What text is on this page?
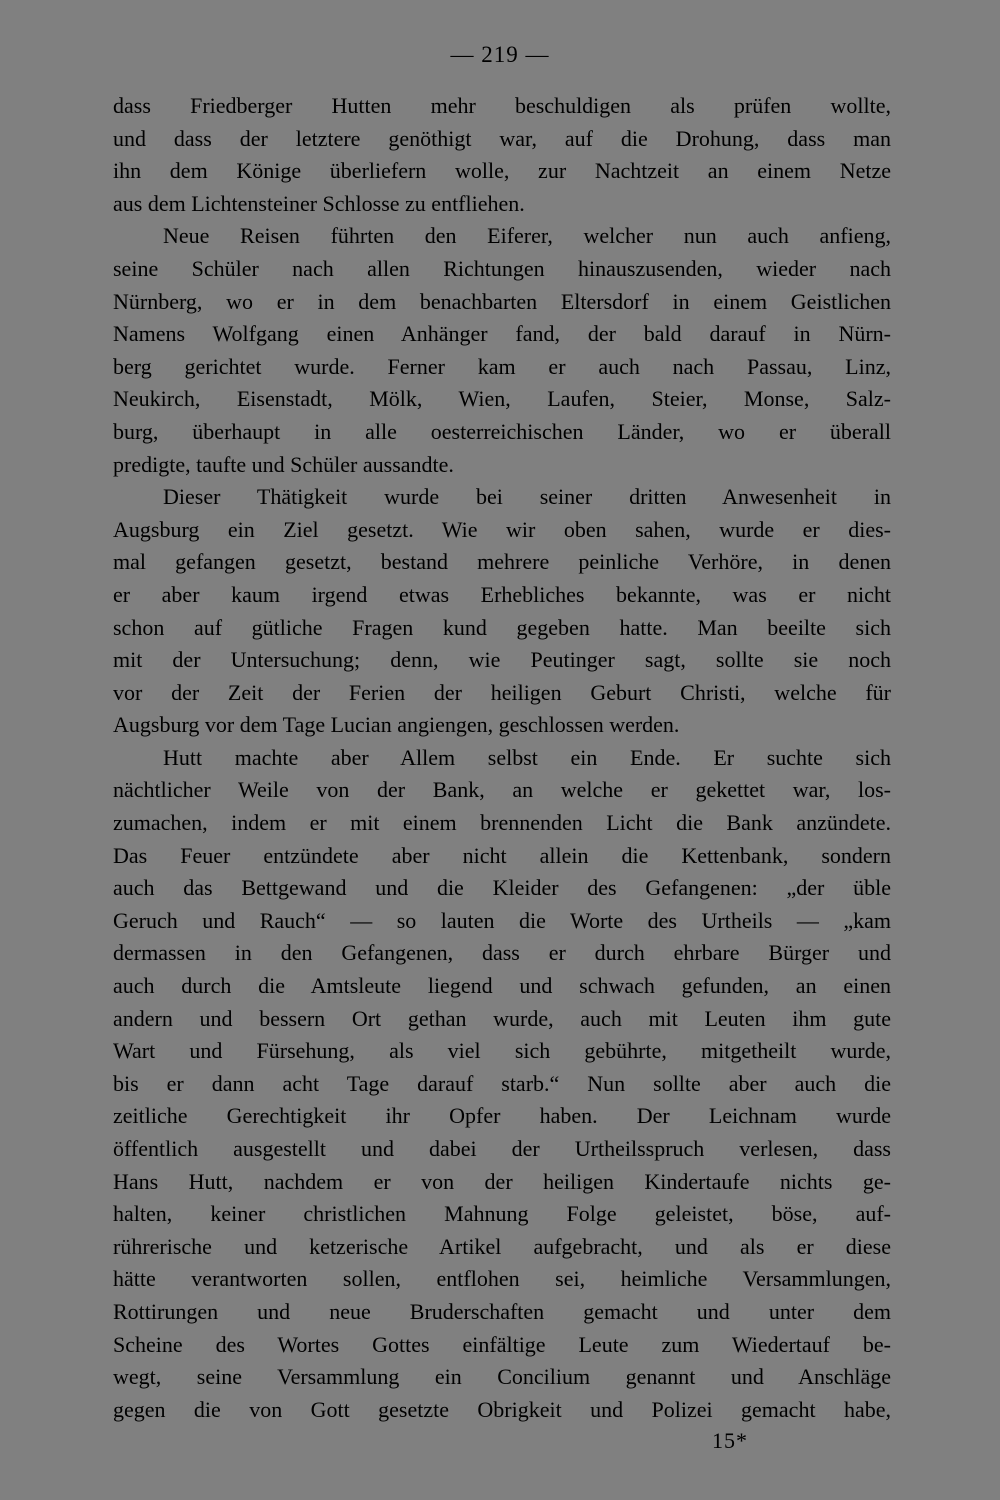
— 219 —
dass Friedberger Hutten mehr beschuldigen als prüfen wollte,
und dass der letztere genöthigt war, auf die Drohung, dass man
ihn dem Könige überliefern wolle, zur Nachtzeit an einem Netze
aus dem Lichtensteiner Schlosse zu entfliehen.
Neue Reisen führten den Eiferer, welcher nun auch anfieng,
seine Schüler nach allen Richtungen hinauszusenden, wieder nach
Nürnberg, wo er in dem benachbarten Eltersdorf in einem Geistlichen
Namens Wolfgang einen Anhänger fand, der bald darauf in Nürn-
berg gerichtet wurde. Ferner kam er auch nach Passau, Linz,
Neukirch, Eisenstadt, Mölk, Wien, Laufen, Steier, Monse, Salz-
burg, überhaupt in alle oesterreichischen Länder, wo er überall
predigte, taufte und Schüler aussandte.
Dieser Thätigkeit wurde bei seiner dritten Anwesenheit in
Augsburg ein Ziel gesetzt. Wie wir oben sahen, wurde er dies-
mal gefangen gesetzt, bestand mehrere peinliche Verhöre, in denen
er aber kaum irgend etwas Erhebliches bekannte, was er nicht
schon auf gütliche Fragen kund gegeben hatte. Man beeilte sich
mit der Untersuchung; denn, wie Peutinger sagt, sollte sie noch
vor der Zeit der Ferien der heiligen Geburt Christi, welche für
Augsburg vor dem Tage Lucian angiengen, geschlossen werden.
Hutt machte aber Allem selbst ein Ende. Er suchte sich
nächtlicher Weile von der Bank, an welche er gekettet war, los-
zumachen, indem er mit einem brennenden Licht die Bank anzündete.
Das Feuer entzündete aber nicht allein die Kettenbank, sondern
auch das Bettgewand und die Kleider des Gefangenen: „der üble
Geruch und Rauch“ — so lauten die Worte des Urtheils — „kam
dermassen in den Gefangenen, dass er durch ehrbare Bürger und
auch durch die Amtsleute liegend und schwach gefunden, an einen
andern und bessern Ort gethan wurde, auch mit Leuten ihm gute
Wart und Fürsehung, als viel sich gebührte, mitgetheilt wurde,
bis er dann acht Tage darauf starb.“ Nun sollte aber auch die
zeitliche Gerechtigkeit ihr Opfer haben. Der Leichnam wurde
öffentlich ausgestellt und dabei der Urtheilsspruch verlesen, dass
Hans Hutt, nachdem er von der heiligen Kindertaufe nichts ge-
halten, keiner christlichen Mahnung Folge geleistet, böse, auf-
rührerische und ketzerische Artikel aufgebracht, und als er diese
hätte verantworten sollen, entflohen sei, heimliche Versammlungen,
Rottirungen und neue Bruderschaften gemacht und unter dem
Scheine des Wortes Gottes einfältige Leute zum Wiedertauf be-
wegt, seine Versammlung ein Concilium genannt und Anschläge
gegen die von Gott gesetzte Obrigkeit und Polizei gemacht habe,
15*
